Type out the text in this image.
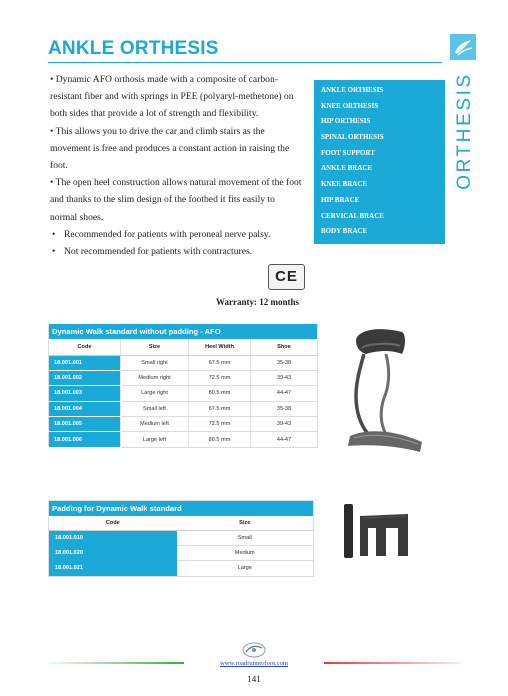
ANKLE ORTHESIS

• Dynamic AFO orthosis made with a composite of carbon-resistant fiber and with springs in PEE (polyaryl-methetone) on both sides that provide a lot of strength and flexibility.

• This allows you to drive the car and climb stairs as the movement is free and produces a constant action in raising the foot.

• The open heel construction allows natural movement of the foot and thanks to the slim design of the footbed it fits easily to normal shoes.

• Recommended for patients with peroneal nerve palsy.

• Not recommended for patients with contractures.

ANKLE ORTHESIS
KNEE ORTHESIS
HIP ORTHESIS
SPINAL ORTHESIS
FOOT SUPPORT
ANKLE BRACE
KNEE BRACE
HIP BRACE
CERVICAL BRACE
BODY BRACE
WRIST AND ARM BRACE
ORTHESIS
CE
Warranty: 12 months
Dynamic Walk standard without padding - AFO			
Code	Size	Heel Width	Shoe
18.001.001	Small right	67.5 mm	35-38
18.001.002	Medium right	72.5 mm	39-43
18.001.003	Large right	80.5 mm	44-47
18.001.004	Small left	67.5 mm	35-38
18.001.005	Medium left	72.5 mm	39-43
18.001.006	Large left	80.5 mm	44-47
Padding for Dynamic Walk standard	
Code	Size
18.001.019	Small
18.001.020	Medium
18.001.021	Large
www.roadrunnerfoot.com
141
